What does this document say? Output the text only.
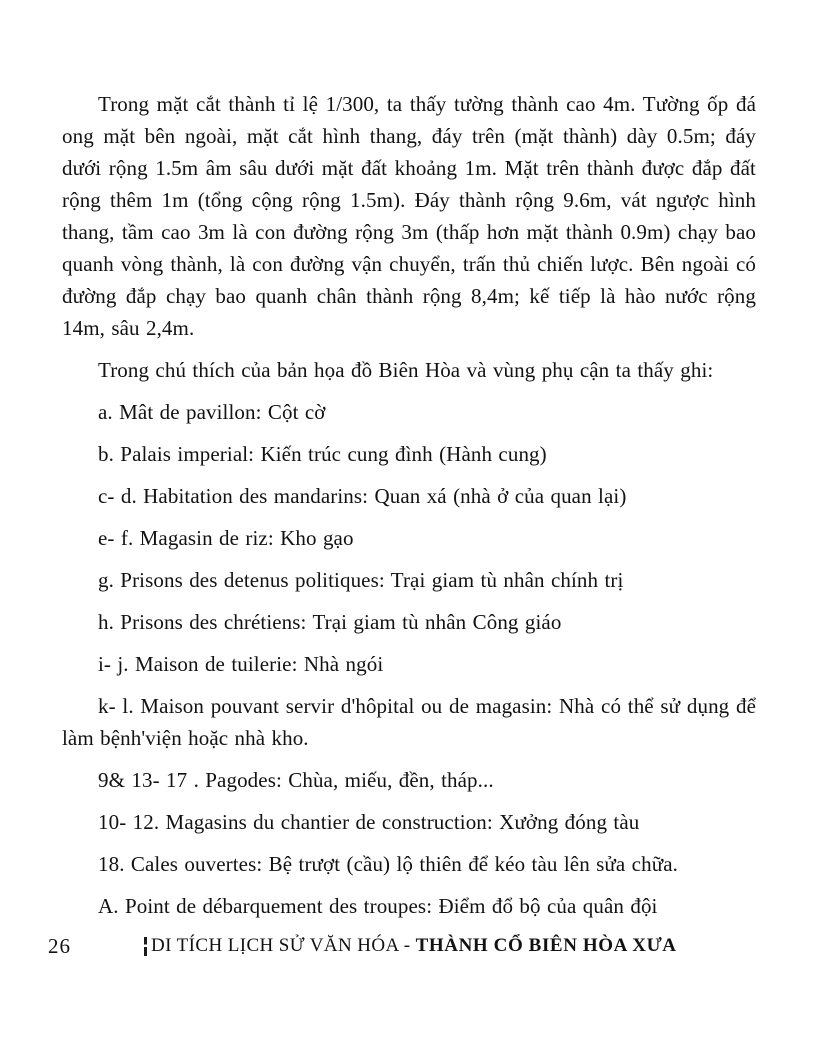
Trong mặt cắt thành tỉ lệ 1/300, ta thấy tường thành cao 4m. Tường ốp đá ong mặt bên ngoài, mặt cắt hình thang, đáy trên (mặt thành) dày 0.5m; đáy dưới rộng 1.5m âm sâu dưới mặt đất khoảng 1m. Mặt trên thành được đắp đất rộng thêm 1m (tổng cộng rộng 1.5m). Đáy thành rộng 9.6m, vát ngược hình thang, tầm cao 3m là con đường rộng 3m (thấp hơn mặt thành 0.9m) chạy bao quanh vòng thành, là con đường vận chuyển, trấn thủ chiến lược. Bên ngoài có đường đắp chạy bao quanh chân thành rộng 8,4m; kế tiếp là hào nước rộng 14m, sâu 2,4m.

Trong chú thích của bản họa đồ Biên Hòa và vùng phụ cận ta thấy ghi:

a. Mât de pavillon: Cột cờ

b. Palais imperial: Kiến trúc cung đình (Hành cung)

c- d. Habitation des mandarins: Quan xá (nhà ở của quan lại)

e- f. Magasin de riz: Kho gạo

g. Prisons des detenus politiques: Trại giam tù nhân chính trị

h. Prisons des chrétiens: Trại giam tù nhân Công giáo

i- j. Maison de tuilerie: Nhà ngói

k- l. Maison pouvant servir d'hôpital ou de magasin: Nhà có thể sử dụng để làm bệnh'viện hoặc nhà kho.

9& 13- 17 . Pagodes: Chùa, miếu, đền, tháp...

10- 12. Magasins du chantier de construction: Xưởng đóng tàu

18. Cales ouvertes: Bệ trượt (cầu) lộ thiên để kéo tàu lên sửa chữa.

A. Point de débarquement des troupes: Điểm đổ bộ của quân đội

26	DI TÍCH LỊCH SỬ VĂN HÓA - THÀNH CỔ BIÊN HÒA XƯA
